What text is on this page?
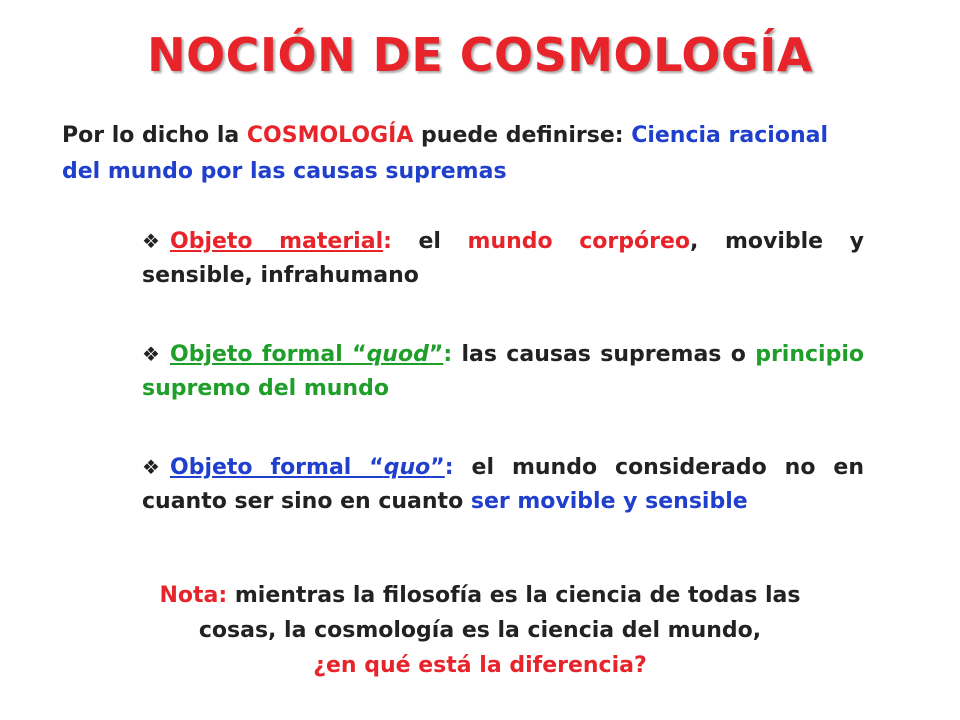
NOCIÓN DE COSMOLOGÍA
Por lo dicho la COSMOLOGÍA puede definirse: Ciencia racional
del mundo por las causas supremas
❖ Objeto material: el mundo corpóreo, movible y sensible, infrahumano
❖ Objeto formal “quod”: las causas supremas o principio supremo del mundo
❖ Objeto formal “quo”: el mundo considerado no en cuanto ser sino en cuanto ser movible y sensible
Nota: mientras la filosofía es la ciencia de todas las
cosas, la cosmología es la ciencia del mundo,
¿en qué está la diferencia?
